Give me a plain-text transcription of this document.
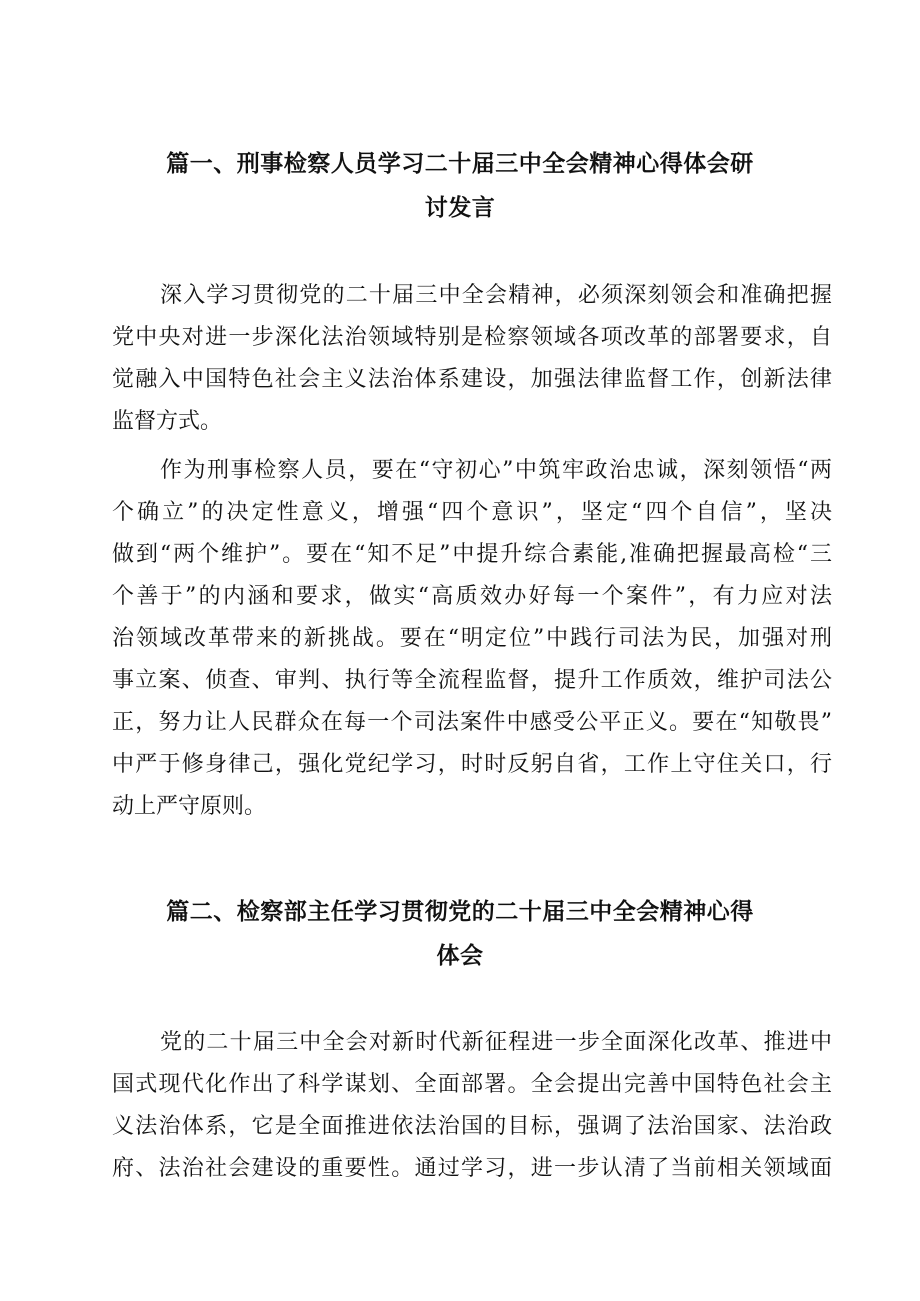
篇一、刑事检察人员学习二十届三中全会精神心得体会研
讨发言

深入学习贯彻党的二十届三中全会精神，必须深刻领会和准确把握
党中央对进一步深化法治领域特别是检察领域各项改革的部署要求，自
觉融入中国特色社会主义法治体系建设，加强法律监督工作，创新法律
监督方式。

作为刑事检察人员，要在“守初心”中筑牢政治忠诚，深刻领悟“两
个确立”的决定性意义，增强“四个意识”，坚定“四个自信”，坚决
做到“两个维护”。要在“知不足”中提升综合素能,准确把握最高检“三
个善于”的内涵和要求，做实“高质效办好每一个案件”，有力应对法
治领域改革带来的新挑战。要在“明定位”中践行司法为民，加强对刑
事立案、侦查、审判、执行等全流程监督，提升工作质效，维护司法公
正，努力让人民群众在每一个司法案件中感受公平正义。要在“知敬畏”
中严于修身律己，强化党纪学习，时时反躬自省，工作上守住关口，行
动上严守原则。

篇二、检察部主任学习贯彻党的二十届三中全会精神心得
体会

党的二十届三中全会对新时代新征程进一步全面深化改革、推进中
国式现代化作出了科学谋划、全面部署。全会提出完善中国特色社会主
义法治体系，它是全面推进依法治国的目标，强调了法治国家、法治政
府、法治社会建设的重要性。通过学习，进一步认清了当前相关领域面
